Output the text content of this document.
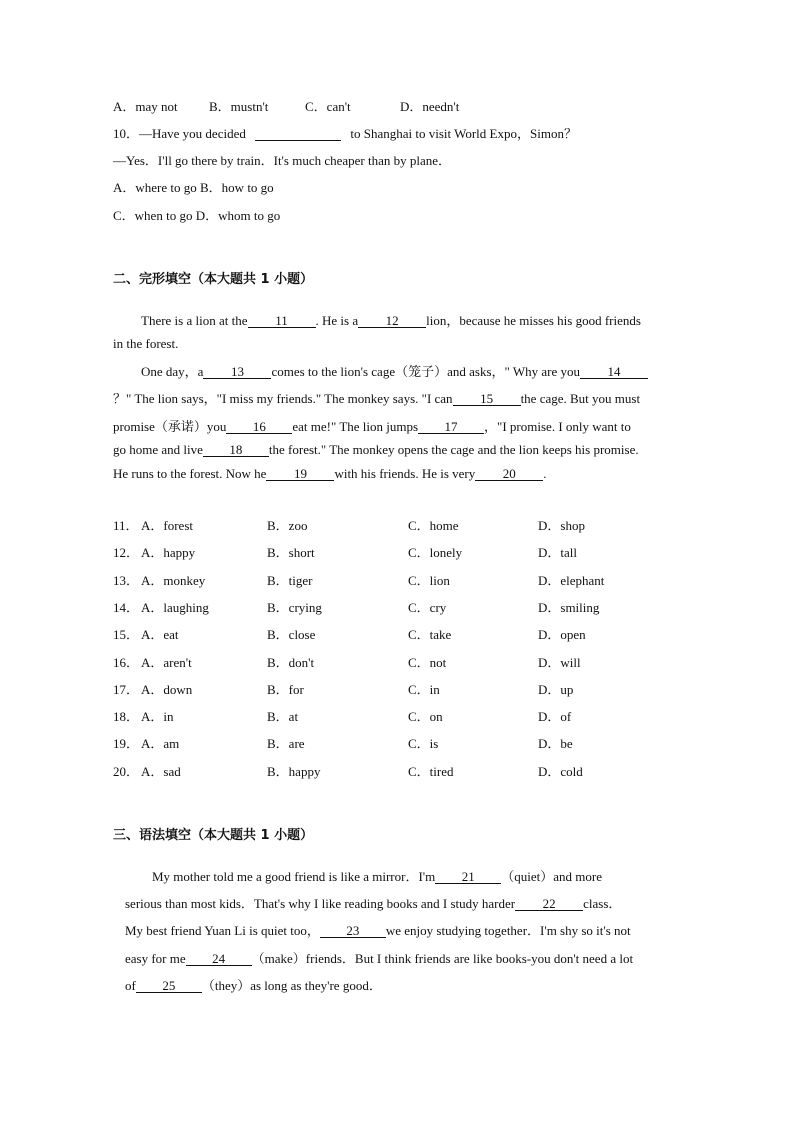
A．may not B．mustn't	C．can't	D．needn't
10．—Have you decided	to Shanghai to visit World Expo，Simon？
—Yes．I'll go there by train．It's much cheaper than by plane．
A．where to go B．how to go
C．when to go D．whom to go
二、完形填空（本大题共 1 小题）
There is a lion at the 11 . He is a 12 lion，because he misses his good friends
in the forest.
One day，a 13 comes to the lion's cage（笼子）and asks，" Why are you 14
？" The lion says，"I miss my friends." The monkey says. "I can 15 the cage. But you must
promise（承诺）you 16 eat me!" The lion jumps 17 ，"I promise. I only want to
go home and live 18 the forest." The monkey opens the cage and the lion keeps his promise.
He runs to the forest. Now he 19 with his friends. He is very 20 .
11． A．forest	B．zoo	C．home	D．shop
12． A．happy	B．short	C．lonely	D．tall
13． A．monkey	B．tiger	C．lion	D．elephant
14． A．laughing	B．crying	C．cry	D．smiling
15． A．eat	B．close	C．take	D．open
16． A．aren't	B．don't	C．not	D．will
17． A．down	B．for	C．in	D．up
18． A．in	B．at	C．on	D．of
19． A．am	B．are	C．is	D．be
20． A．sad	B．happy	C．tired	D．cold
三、语法填空（本大题共 1 小题）
My mother told me a good friend is like a mirror．I'm 21 （quiet）and more
serious than most kids．That's why I like reading books and I study harder 22 class．
My best friend Yuan Li is quiet too， 23 we enjoy studying together．I'm shy so it's not
easy for me 24 （make）friends．But I think friends are like books-you don't need a lot
of 25 （they）as long as they're good．
